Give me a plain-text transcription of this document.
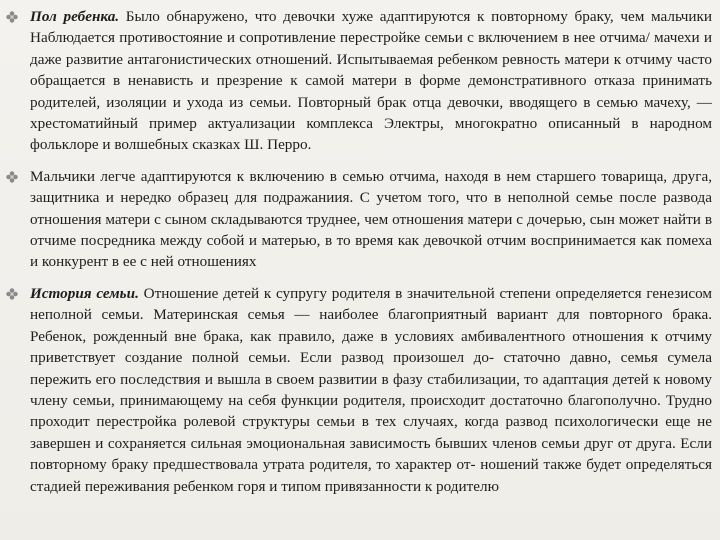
Пол ребенка. Было обнаружено, что девочки хуже адаптируются к повторному браку, чем мальчики Наблюдается противостояние и сопротивление перестройке семьи с включением в нее отчима/ мачехи и даже развитие антагонистических отношений. Испытываемая ребенком ревность матери к отчиму часто обращается в ненависть и презрение к самой матери в форме демонстративного отказа принимать родителей, изоляции и ухода из семьи. Повторный брак отца девочки, вводящего в семью мачеху, — хрестоматийный пример актуализации комплекса Электры, многократно описанный в народном фольклоре и волшебных сказках Ш. Перро.
Мальчики легче адаптируются к включению в семью отчима, находя в нем старшего товарища, друга, защитника и нередко образец для подражаниия. С учетом того, что в неполной семье после развода отношения матери с сыном складываются труднее, чем отношения матери с дочерью, сын может найти в отчиме посредника между собой и матерью, в то время как девочкой отчим воспринимается как помеха и конкурент в ее с ней отношениях
История семьи. Отношение детей к супругу родителя в значительной степени определяется генезисом неполной семьи. Материнская семья — наиболее благоприятный вариант для повторного брака. Ребенок, рожденный вне брака, как правило, даже в условиях амбивалентного отношения к отчиму приветствует создание полной семьи. Если развод произошел до- статочно давно, семья сумела пережить его последствия и вышла в своем развитии в фазу стабилизации, то адаптация детей к новому члену семьи, принимающему на себя функции родителя, происходит достаточно благополучно. Трудно проходит перестройка ролевой структуры семьи в тех случаях, когда развод психологически еще не завершен и сохраняется сильная эмоциональная зависимость бывших членов семьи друг от друга. Если повторному браку предшествовала утрата родителя, то характер от- ношений также будет определяться стадией переживания ребенком горя и типом привязанности к родителю
